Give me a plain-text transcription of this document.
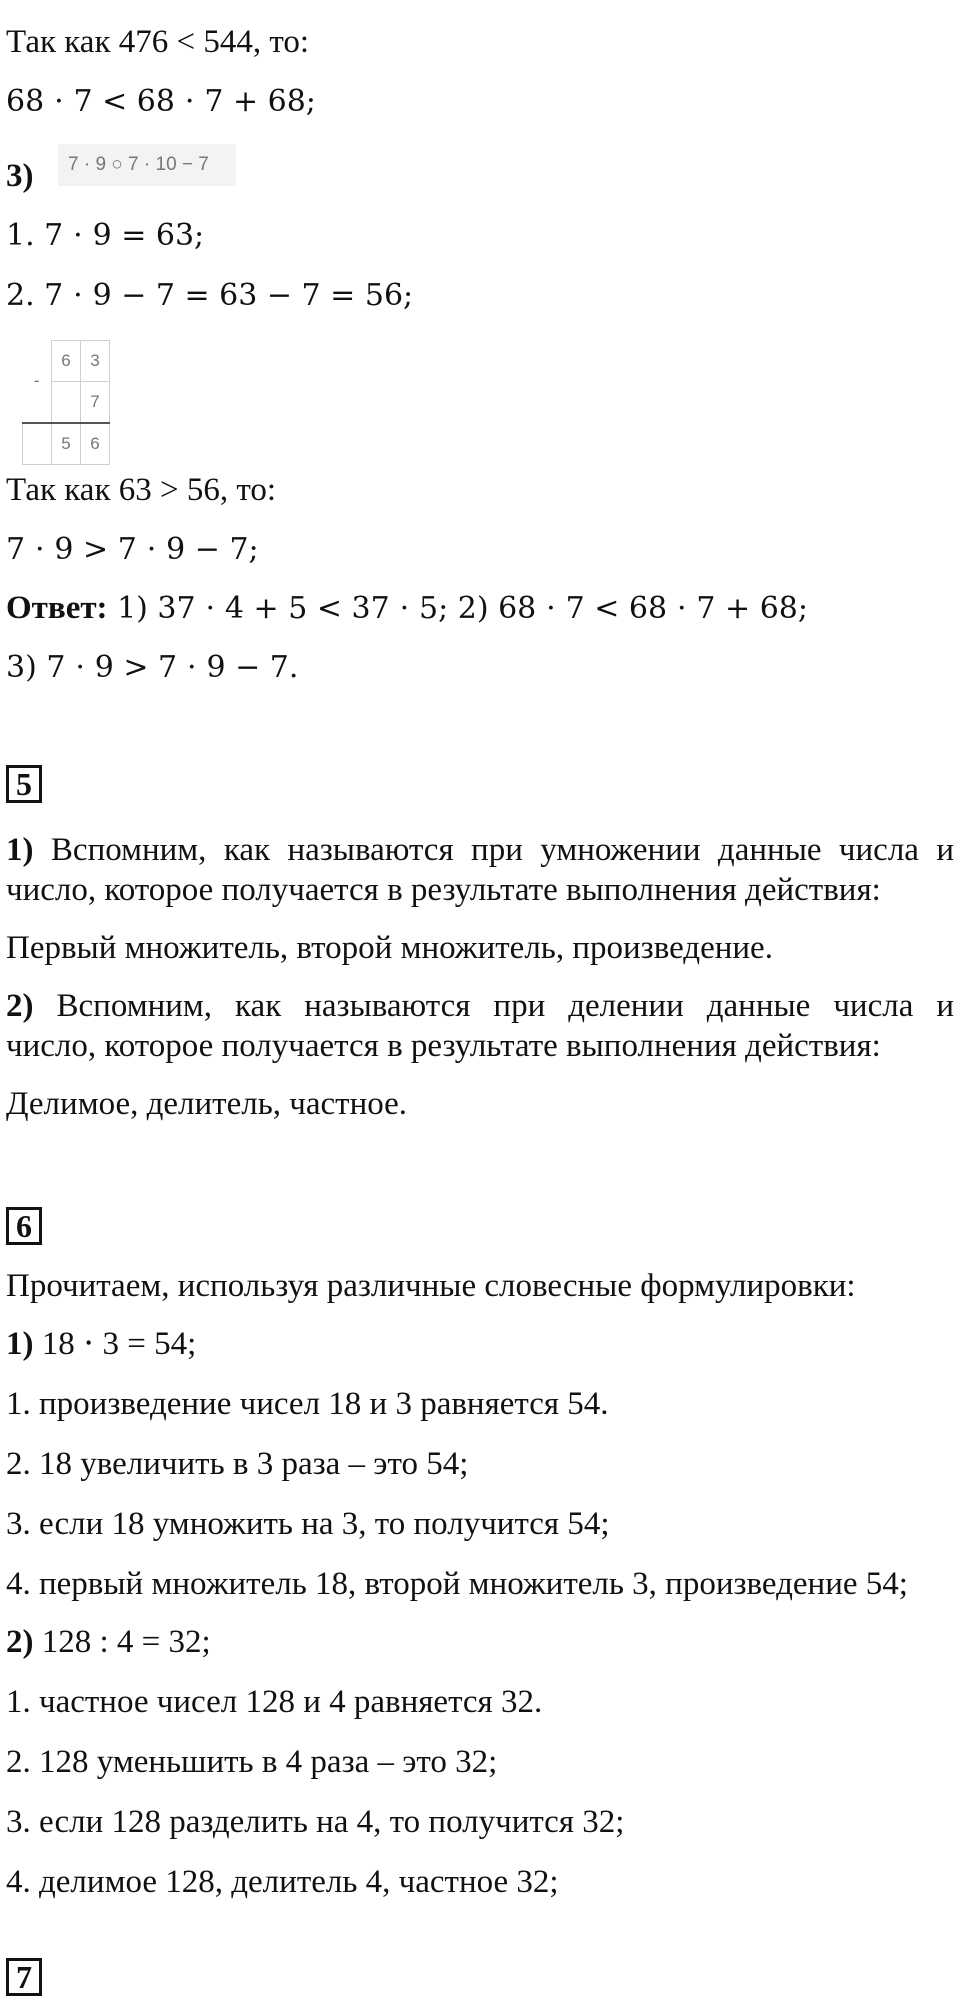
Так как 476 < 544, то:
68 ⋅ 7 < 68 ⋅ 7 + 68;
3)	7 · 9 ○ 7 · 10 − 7
1. 7 ⋅ 9 = 63;
2. 7 ⋅ 9 − 7 = 63 − 7 = 56;
-	6	3
		7
	5	6
Так как 63 > 56, то:
7 ⋅ 9 > 7 ⋅ 9 − 7;
Ответ: 1) 37 ⋅ 4 + 5 < 37 ⋅ 5; 2) 68 ⋅ 7 < 68 ⋅ 7 + 68;
3) 7 ⋅ 9 > 7 ⋅ 9 − 7.
5
1) Вспомним, как называются при умножении данные числа и
число, которое получается в результате выполнения действия:
Первый множитель, второй множитель, произведение.
2) Вспомним, как называются при делении данные числа и
число, которое получается в результате выполнения действия:
Делимое, делитель, частное.
6
Прочитаем, используя различные словесные формулировки:
1) 18 ⋅ 3 = 54;
1. произведение чисел 18 и 3 равняется 54.
2. 18 увеличить в 3 раза – это 54;
3. если 18 умножить на 3, то получится 54;
4. первый множитель 18, второй множитель 3, произведение 54;
2) 128 : 4 = 32;
1. частное чисел 128 и 4 равняется 32.
2. 128 уменьшить в 4 раза – это 32;
3. если 128 разделить на 4, то получится 32;
4. делимое 128, делитель 4, частное 32;
7
